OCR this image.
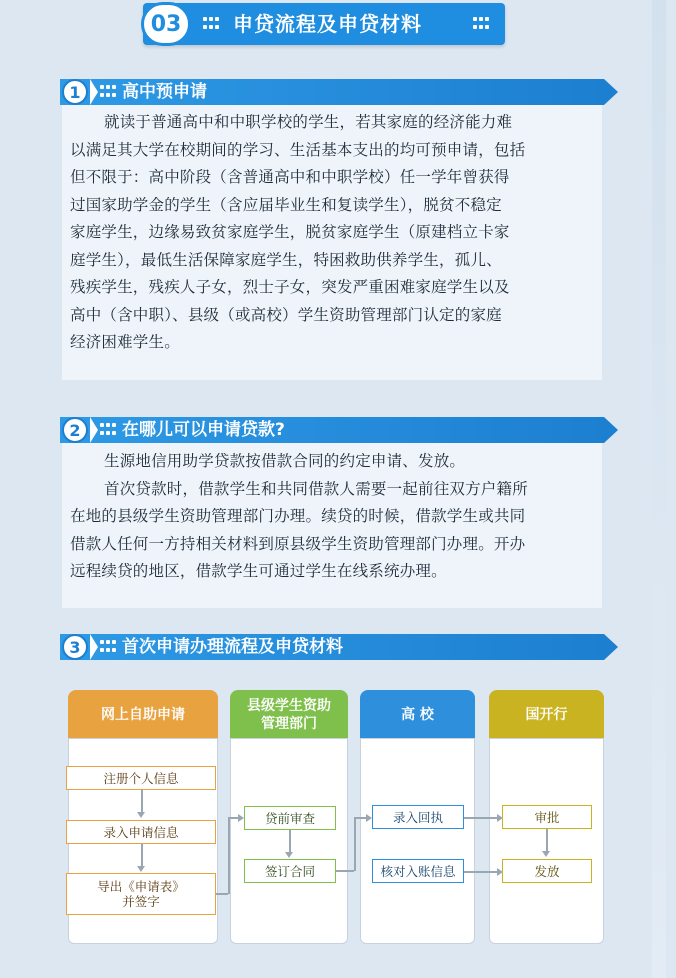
03	申贷流程及申贷材料
1	高中预申请
就读于普通高中和中职学校的学生，若其家庭的经济能力难
以满足其大学在校期间的学习、生活基本支出的均可预申请，包括
但不限于：高中阶段（含普通高中和中职学校）任一学年曾获得
过国家助学金的学生（含应届毕业生和复读学生），脱贫不稳定
家庭学生，边缘易致贫家庭学生，脱贫家庭学生（原建档立卡家
庭学生），最低生活保障家庭学生，特困救助供养学生，孤儿、
残疾学生，残疾人子女，烈士子女，突发严重困难家庭学生以及
高中（含中职）、县级（或高校）学生资助管理部门认定的家庭
经济困难学生。
2	在哪儿可以申请贷款?
生源地信用助学贷款按借款合同的约定申请、发放。
首次贷款时，借款学生和共同借款人需要一起前往双方户籍所
在地的县级学生资助管理部门办理。续贷的时候，借款学生或共同
借款人任何一方持相关材料到原县级学生资助管理部门办理。开办
远程续贷的地区，借款学生可通过学生在线系统办理。
3	首次申请办理流程及申贷材料
网上自助申请
县级学生资助
管理部门
高 校	国开行
注册个人信息
录入申请信息
导出《申请表》
并签字
贷前审查
签订合同
录入回执
核对入账信息
审批
发放
